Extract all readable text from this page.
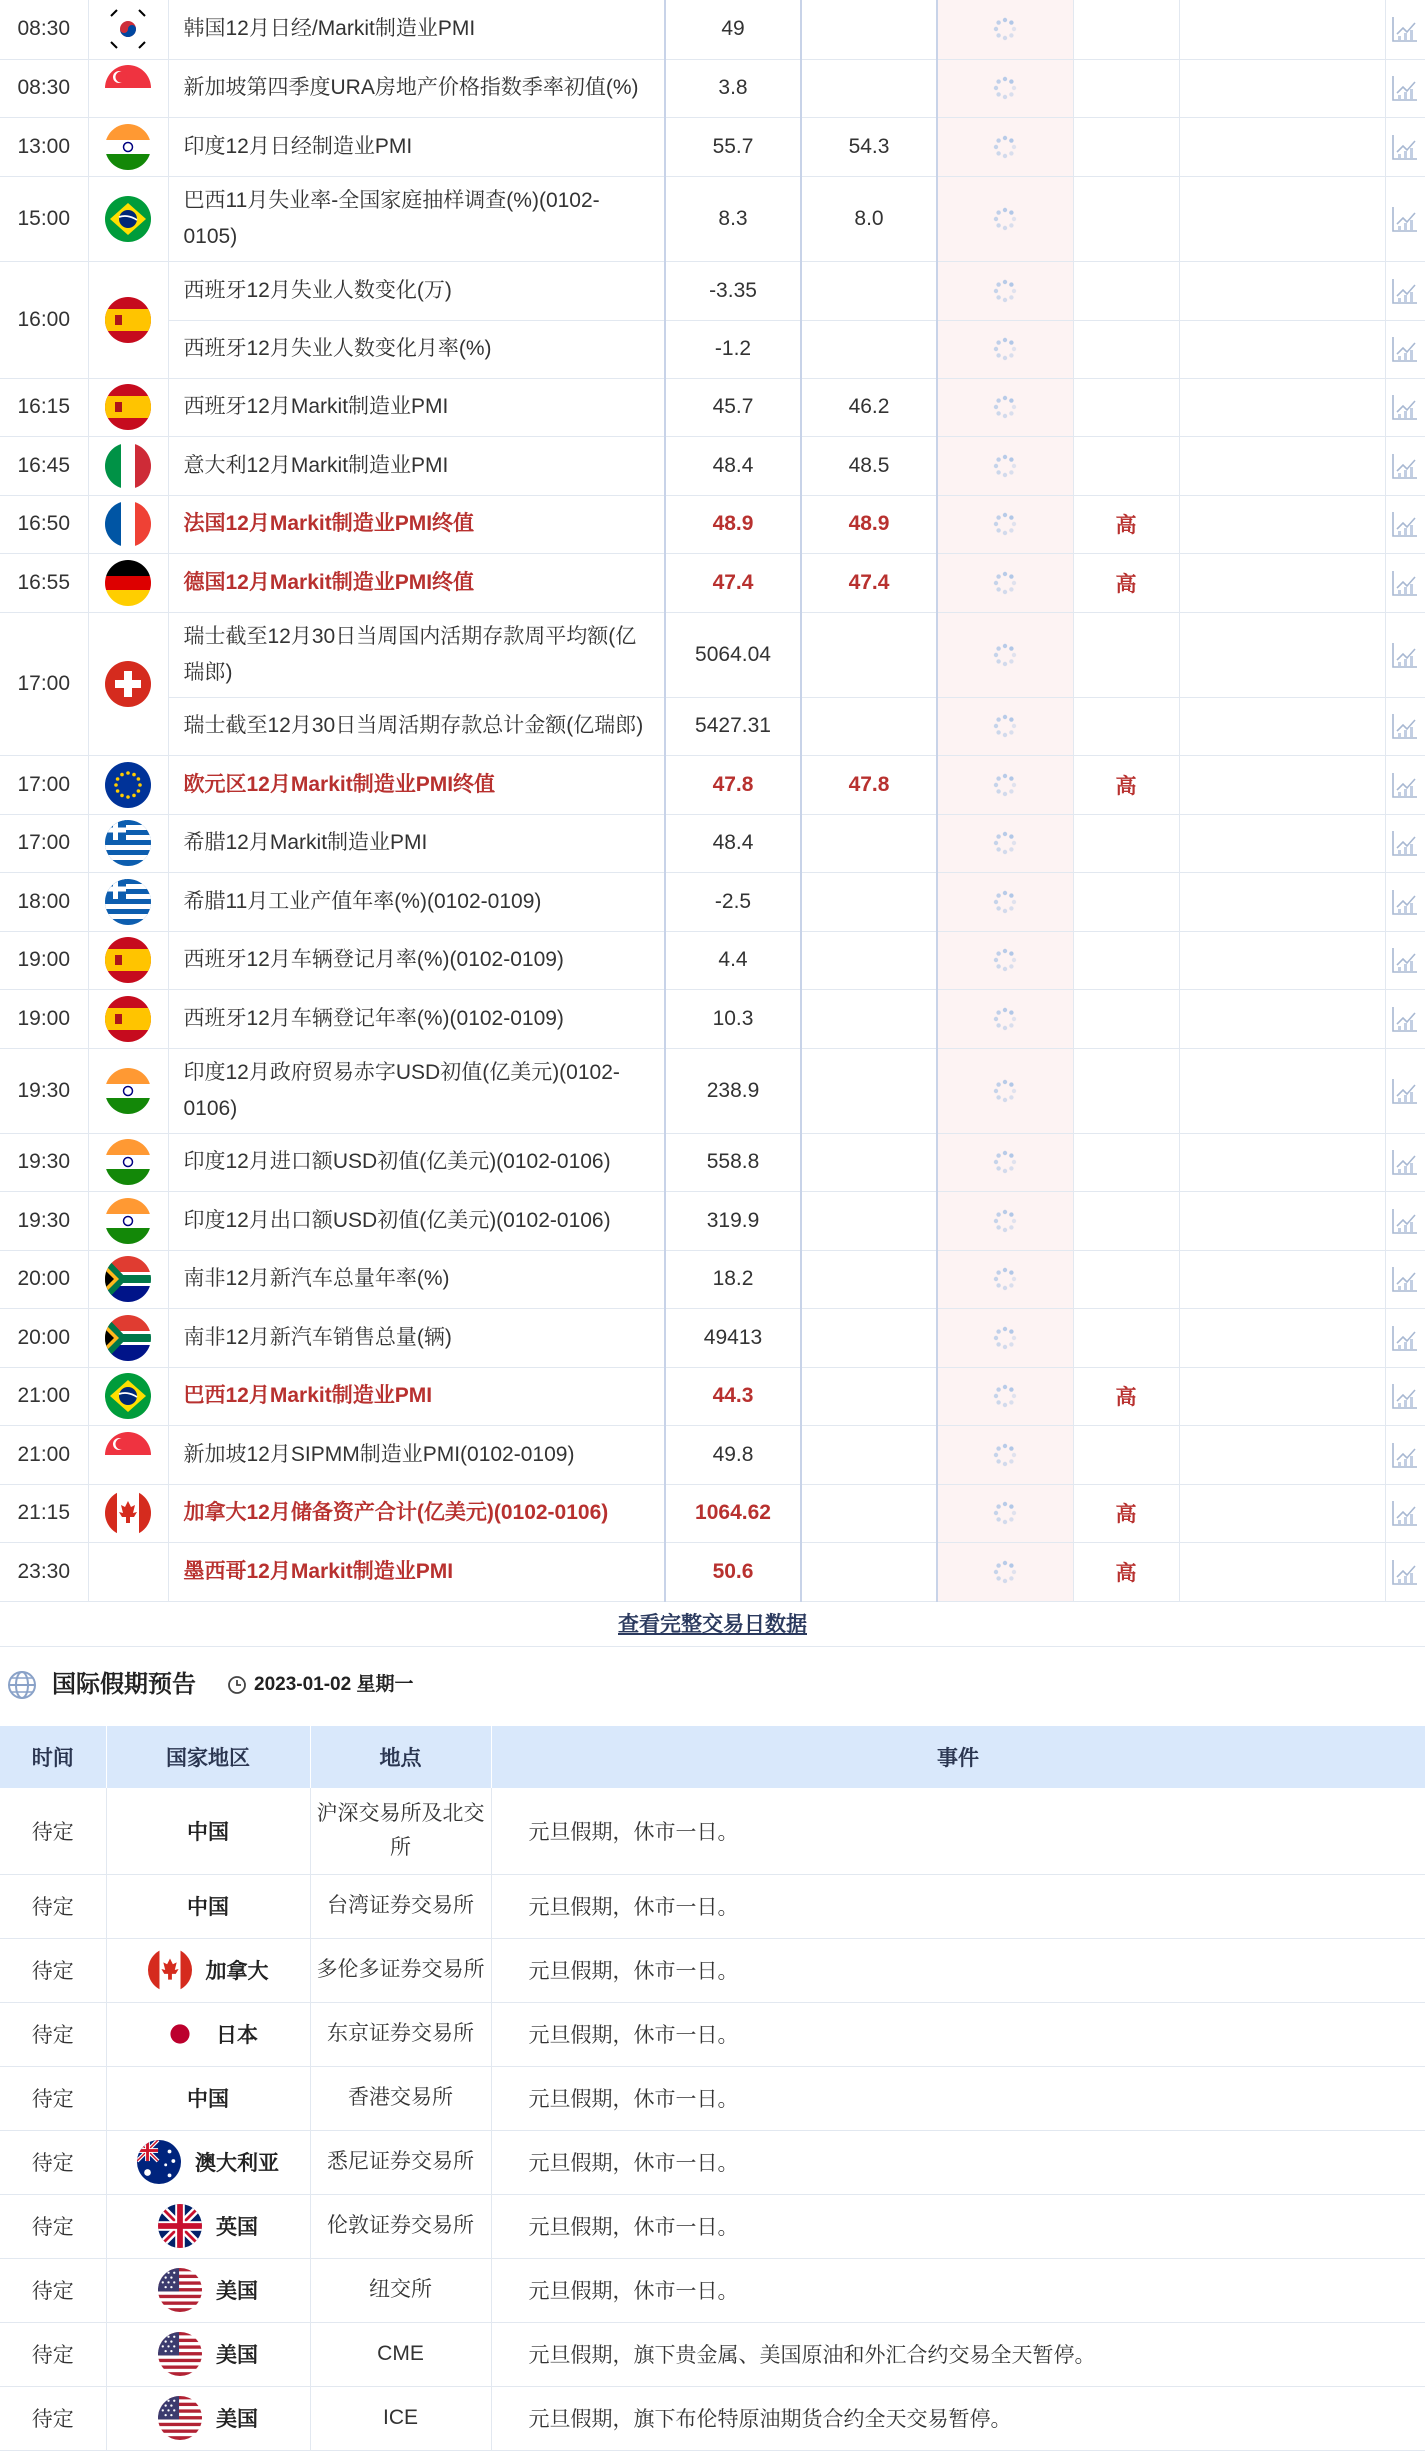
08:30		韩国12月日经/Markit制造业PMI	49					
08:30		新加坡第四季度URA房地产价格指数季率初值(%)	3.8					
13:00		印度12月日经制造业PMI	55.7	54.3				
15:00		巴西11月失业率-全国家庭抽样调查(%)(0102-0105)	8.3	8.0				
16:00		西班牙12月失业人数变化(万)	-3.35					
		西班牙12月失业人数变化月率(%)	-1.2					
16:15		西班牙12月Markit制造业PMI	45.7	46.2				
16:45		意大利12月Markit制造业PMI	48.4	48.5				
16:50		法国12月Markit制造业PMI终值	48.9	48.9		高		
16:55		德国12月Markit制造业PMI终值	47.4	47.4		高		
17:00		瑞士截至12月30日当周国内活期存款周平均额(亿瑞郎)	5064.04					
		瑞士截至12月30日当周活期存款总计金额(亿瑞郎)	5427.31					
17:00		欧元区12月Markit制造业PMI终值	47.8	47.8		高		
17:00		希腊12月Markit制造业PMI	48.4					
18:00		希腊11月工业产值年率(%)(0102-0109)	-2.5					
19:00		西班牙12月车辆登记月率(%)(0102-0109)	4.4					
19:00		西班牙12月车辆登记年率(%)(0102-0109)	10.3					
19:30		印度12月政府贸易赤字USD初值(亿美元)(0102-0106)	238.9					
19:30		印度12月进口额USD初值(亿美元)(0102-0106)	558.8					
19:30		印度12月出口额USD初值(亿美元)(0102-0106)	319.9					
20:00		南非12月新汽车总量年率(%)	18.2					
20:00		南非12月新汽车销售总量(辆)	49413					
21:00		巴西12月Markit制造业PMI	44.3			高		
21:00		新加坡12月SIPMM制造业PMI(0102-0109)	49.8					
21:15		加拿大12月储备资产合计(亿美元)(0102-0106)	1064.62			高		
23:30		墨西哥12月Markit制造业PMI	50.6			高		
查看完整交易日数据
国际假期预告	2023-01-02 星期一
时间	国家地区	地点	事件
待定	中国	沪深交易所及北交所	元旦假期，休市一日。
待定	中国	台湾证券交易所	元旦假期，休市一日。
待定	加拿大	多伦多证券交易所	元旦假期，休市一日。
待定	日本	东京证券交易所	元旦假期，休市一日。
待定	中国	香港交易所	元旦假期，休市一日。
待定	澳大利亚	悉尼证券交易所	元旦假期，休市一日。
待定	英国	伦敦证券交易所	元旦假期，休市一日。
待定	美国	纽交所	元旦假期，休市一日。
待定	美国	CME	元旦假期，旗下贵金属、美国原油和外汇合约交易全天暂停。
待定	美国	ICE	元旦假期，旗下布伦特原油期货合约全天交易暂停。
